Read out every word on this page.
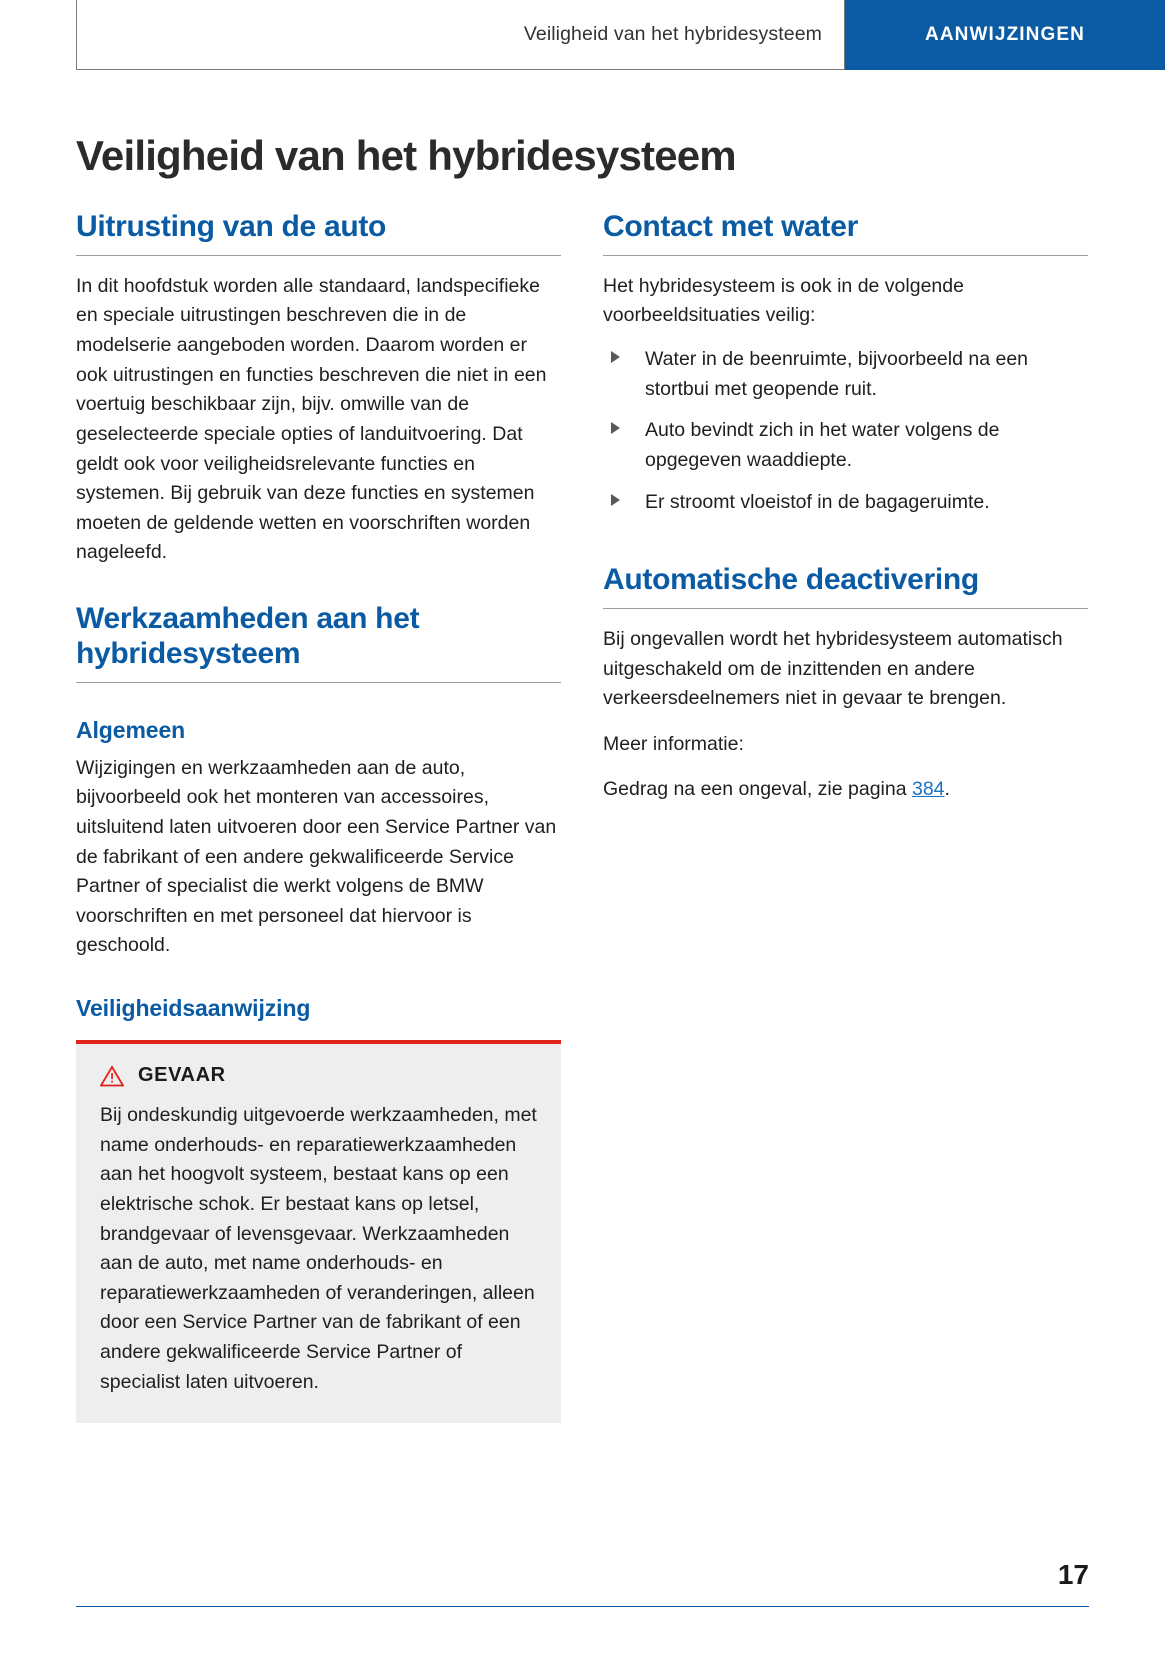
Veiligheid van het hybridesysteem	AANWIJZINGEN
Veiligheid van het hybridesysteem
Uitrusting van de auto

In dit hoofdstuk worden alle standaard, landspecifieke en speciale uitrustingen beschreven die in de modelserie aangeboden worden. Daarom worden er ook uitrustingen en functies beschreven die niet in een voertuig beschikbaar zijn, bijv. omwille van de geselecteerde speciale opties of landuitvoering. Dat geldt ook voor veiligheidsrelevante functies en systemen. Bij gebruik van deze functies en systemen moeten de geldende wetten en voorschriften worden nageleefd.

Werkzaamheden aan het hybridesysteem
Algemeen

Wijzigingen en werkzaamheden aan de auto, bijvoorbeeld ook het monteren van accessoires, uitsluitend laten uitvoeren door een Service Partner van de fabrikant of een andere gekwalificeerde Service Partner of specialist die werkt volgens de BMW voorschriften en met personeel dat hiervoor is geschoold.

Veiligheidsaanwijzing
GEVAAR

Bij ondeskundig uitgevoerde werkzaamheden, met name onderhouds- en reparatiewerkzaamheden aan het hoogvolt systeem, bestaat kans op een elektrische schok. Er bestaat kans op letsel, brandgevaar of levensgevaar. Werkzaamheden aan de auto, met name onderhouds- en reparatiewerkzaamheden of veranderingen, alleen door een Service Partner van de fabrikant of een andere gekwalificeerde Service Partner of specialist laten uitvoeren.

Contact met water

Het hybridesysteem is ook in de volgende voorbeeldsituaties veilig:

Water in de beenruimte, bijvoorbeeld na een stortbui met geopende ruit.
Auto bevindt zich in het water volgens de opgegeven waaddiepte.
Er stroomt vloeistof in de bagageruimte.
Automatische deactivering

Bij ongevallen wordt het hybridesysteem automatisch uitgeschakeld om de inzittenden en andere verkeersdeelnemers niet in gevaar te brengen.

Meer informatie:

Gedrag na een ongeval, zie pagina 384.

17
